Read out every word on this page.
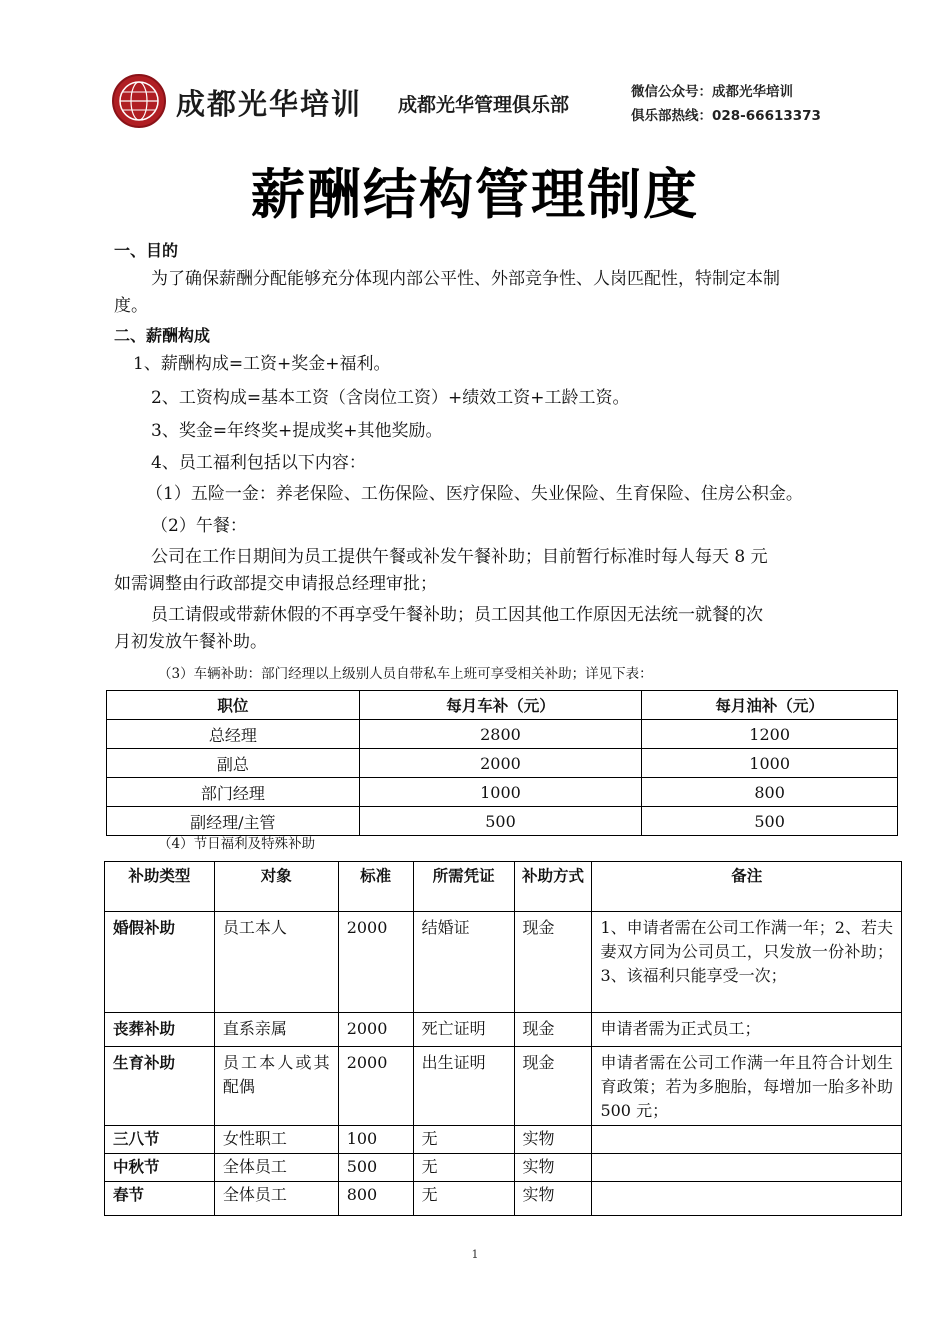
成都光华培训 成都光华管理俱乐部
微信公众号：成都光华培训
俱乐部热线：028-66613373
薪酬结构管理制度
一、目的
为了确保薪酬分配能够充分体现内部公平性、外部竞争性、人岗匹配性，特制定本制
度。
二、薪酬构成
1、薪酬构成=工资+奖金+福利。
2、工资构成=基本工资（含岗位工资）+绩效工资+工龄工资。
3、奖金=年终奖+提成奖+其他奖励。
4、员工福利包括以下内容：
（1）五险一金：养老保险、工伤保险、医疗保险、失业保险、生育保险、住房公积金。
（2）午餐：
公司在工作日期间为员工提供午餐或补发午餐补助；目前暂行标准时每人每天 8 元
如需调整由行政部提交申请报总经理审批；
员工请假或带薪休假的不再享受午餐补助；员工因其他工作原因无法统一就餐的次
月初发放午餐补助。
（3）车辆补助：部门经理以上级别人员自带私车上班可享受相关补助；详见下表：
职位	每月车补（元）	每月油补（元）
总经理	2800	1200
副总	2000	1000
部门经理	1000	800
副经理/主管	500	500
（4）节日福利及特殊补助
补助类型	对象	标准	所需凭证	补助方式	备注
婚假补助	员工本人	2000	结婚证	现金	1、申请者需在公司工作满一年；2、若夫妻双方同为公司员工，只发放一份补助；3、该福利只能享受一次；
丧葬补助	直系亲属	2000	死亡证明	现金	申请者需为正式员工；
生育补助	员工本人或其配偶	2000	出生证明	现金	申请者需在公司工作满一年且符合计划生育政策；若为多胞胎，每增加一胎多补助 500 元；
三八节	女性职工	100	无	实物	
中秋节	全体员工	500	无	实物	
春节	全体员工	800	无	实物	
1
